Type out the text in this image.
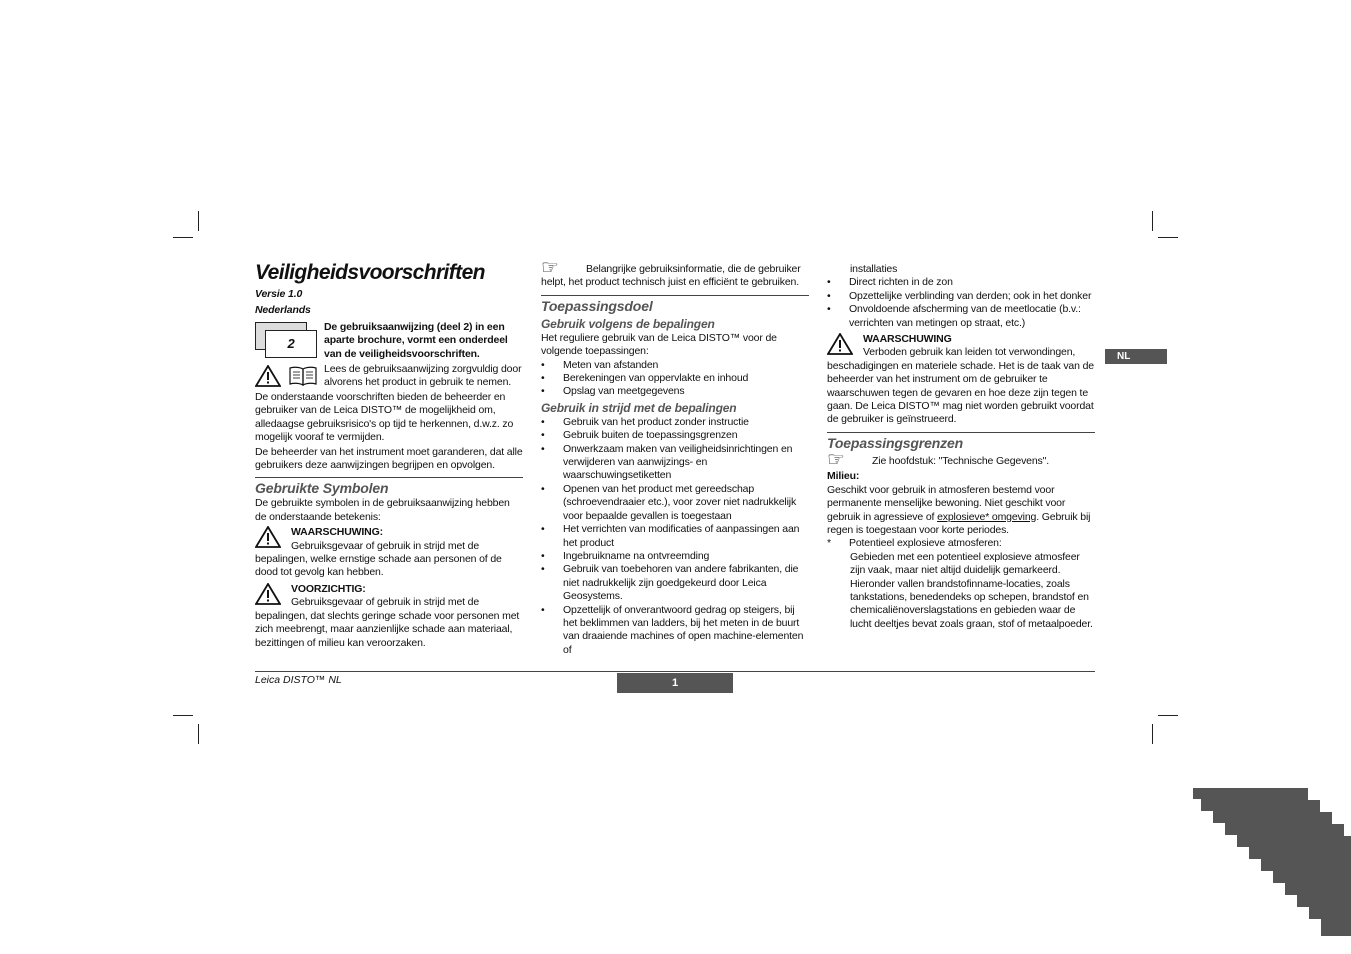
NL
Veiligheidsvoorschriften
Versie 1.0
Nederlands
2

De gebruiksaanwijzing (deel 2) in een aparte brochure, vormt een onderdeel van de veiligheidsvoorschriften.

Lees de gebruiksaanwijzing zorgvuldig door alvorens het product in gebruik te nemen.

De onderstaande voorschriften bieden de beheerder en gebruiker van de Leica DISTO™ de mogelijkheid om, alledaagse gebruiksrisico's op tijd te herkennen, d.w.z. zo mogelijk vooraf te vermijden.

De beheerder van het instrument moet garanderen, dat alle gebruikers deze aanwijzingen begrijpen en opvolgen.

Gebruikte Symbolen

De gebruikte symbolen in de gebruiksaanwijzing hebben de onderstaande betekenis:

WAARSCHUWING:

Gebruiksgevaar of gebruik in strijd met de bepalingen, welke ernstige schade aan personen of de dood tot gevolg kan hebben.

VOORZICHTIG:

Gebruiksgevaar of gebruik in strijd met de bepalingen, dat slechts geringe schade voor personen met zich meebrengt, maar aanzienlijke schade aan materiaal, bezittingen of milieu kan veroorzaken.

☞	Belangrijke gebruiksinformatie, die de gebruiker helpt, het product technisch juist en efficiënt te gebruiken.

Toepassingsdoel
Gebruik volgens de bepalingen

Het reguliere gebruik van de Leica DISTO™ voor de volgende toepassingen:

• Meten van afstanden
• Berekeningen van oppervlakte en inhoud
• Opslag van meetgegevens
Gebruik in strijd met de bepalingen
• Gebruik van het product zonder instructie
• Gebruik buiten de toepassingsgrenzen
• Onwerkzaam maken van veiligheidsinrichtingen en verwijderen van aanwijzings- en waarschuwingsetiketten
• Openen van het product met gereedschap (schroevendraaier etc.), voor zover niet nadrukkelijk voor bepaalde gevallen is toegestaan
• Het verrichten van modificaties of aanpassingen aan het product
• Ingebruikname na ontvreemding
• Gebruik van toebehoren van andere fabrikanten, die niet nadrukkelijk zijn goedgekeurd door Leica Geosystems.
• Opzettelijk of onverantwoord gedrag op steigers, bij het beklimmen van ladders, bij het meten in de buurt van draaiende machines of open machine-elementen of

installaties

• Direct richten in de zon
• Opzettelijke verblinding van derden; ook in het donker
• Onvoldoende afscherming van de meetlocatie (b.v.: verrichten van metingen op straat, etc.)

WAARSCHUWING

Verboden gebruik kan leiden tot verwondingen, beschadigingen en materiele schade. Het is de taak van de beheerder van het instrument om de gebruiker te waarschuwen tegen de gevaren en hoe deze zijn tegen te gaan. De Leica DISTO™ mag niet worden gebruikt voordat de gebruiker is geïnstrueerd.

Toepassingsgrenzen
☞	Zie hoofdstuk: "Technische Gegevens".

Milieu:

Geschikt voor gebruik in atmosferen bestemd voor permanente menselijke bewoning. Niet geschikt voor gebruik in agressieve of explosieve* omgeving. Gebruik bij regen is toegestaan voor korte periodes.

* Potentieel explosieve atmosferen:

Gebieden met een potentieel explosieve atmosfeer zijn vaak, maar niet altijd duidelijk gemarkeerd. Hieronder vallen brandstofinname-locaties, zoals tankstations, benedendeks op schepen, brandstof en chemicaliënoverslagstations en gebieden waar de lucht deeltjes bevat zoals graan, stof of metaalpoeder.

Leica DISTO™ NL	1
